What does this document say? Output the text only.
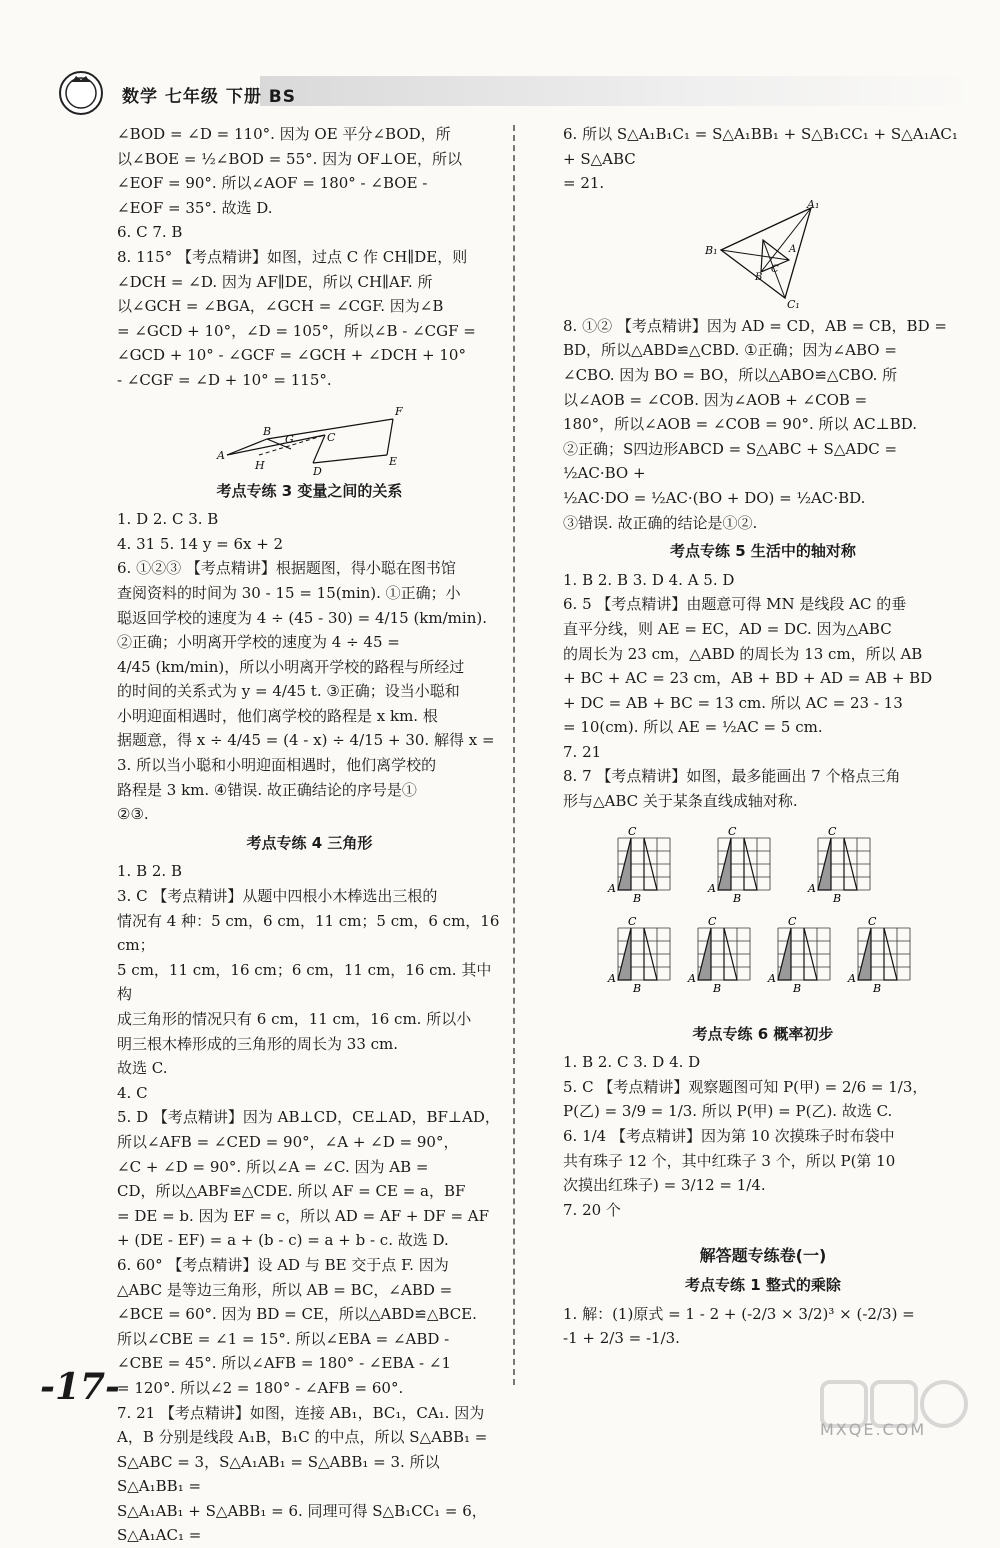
数学 七年级 下册 BS

∠BOD = ∠D = 110°. 因为 OE 平分∠BOD，所

以∠BOE = ½∠BOD = 55°. 因为 OF⊥OE，所以

∠EOF = 90°. 所以∠AOF = 180° - ∠BOE -

∠EOF = 35°. 故选 D.

6. C 7. B

8. 115° 【考点精讲】如图，过点 C 作 CH∥DE，则

∠DCH = ∠D. 因为 AF∥DE，所以 CH∥AF. 所

以∠GCH = ∠BGA，∠GCH = ∠CGF. 因为∠B

= ∠GCD + 10°，∠D = 105°，所以∠B - ∠CGF =

∠GCD + 10° - ∠GCF = ∠GCH + ∠DCH + 10°

- ∠CGF = ∠D + 10° = 115°.

A
B
G
H
C
D
E
F

考点专练 3 变量之间的关系

1. D 2. C 3. B

4. 31 5. 14 y = 6x + 2

6. ①②③ 【考点精讲】根据题图，得小聪在图书馆

查阅资料的时间为 30 - 15 = 15(min). ①正确；小

聪返回学校的速度为 4 ÷ (45 - 30) = 4/15 (km/min).

②正确；小明离开学校的速度为 4 ÷ 45 =

4/45 (km/min)，所以小明离开学校的路程与所经过

的时间的关系式为 y = 4/45 t. ③正确；设当小聪和

小明迎面相遇时，他们离学校的路程是 x km. 根

据题意，得 x ÷ 4/45 = (4 - x) ÷ 4/15 + 30. 解得 x =

3. 所以当小聪和小明迎面相遇时，他们离学校的

路程是 3 km. ④错误. 故正确结论的序号是①

②③.

考点专练 4 三角形

1. B 2. B

3. C 【考点精讲】从题中四根小木棒选出三根的

情况有 4 种：5 cm，6 cm，11 cm；5 cm，6 cm，16 cm；

5 cm，11 cm，16 cm；6 cm，11 cm，16 cm. 其中构

成三角形的情况只有 6 cm，11 cm，16 cm. 所以小

明三根木棒形成的三角形的周长为 33 cm.

故选 C.

4. C

5. D 【考点精讲】因为 AB⊥CD，CE⊥AD，BF⊥AD，

所以∠AFB = ∠CED = 90°，∠A + ∠D = 90°，

∠C + ∠D = 90°. 所以∠A = ∠C. 因为 AB =

CD，所以△ABF≌△CDE. 所以 AF = CE = a，BF

= DE = b. 因为 EF = c，所以 AD = AF + DF = AF

+ (DE - EF) = a + (b - c) = a + b - c. 故选 D.

6. 60° 【考点精讲】设 AD 与 BE 交于点 F. 因为

△ABC 是等边三角形，所以 AB = BC，∠ABD =

∠BCE = 60°. 因为 BD = CE，所以△ABD≌△BCE.

所以∠CBE = ∠1 = 15°. 所以∠EBA = ∠ABD -

∠CBE = 45°. 所以∠AFB = 180° - ∠EBA - ∠1

= 120°. 所以∠2 = 180° - ∠AFB = 60°.

7. 21 【考点精讲】如图，连接 AB₁，BC₁，CA₁. 因为

A，B 分别是线段 A₁B，B₁C 的中点，所以 S△ABB₁ =

S△ABC = 3，S△A₁AB₁ = S△ABB₁ = 3. 所以 S△A₁BB₁ =

S△A₁AB₁ + S△ABB₁ = 6. 同理可得 S△B₁CC₁ = 6，S△A₁AC₁ =

6. 所以 S△A₁B₁C₁ = S△A₁BB₁ + S△B₁CC₁ + S△A₁AC₁ + S△ABC

= 21.

A₁
B₁
C₁
A
B
C

8. ①② 【考点精讲】因为 AD = CD，AB = CB，BD =

BD，所以△ABD≌△CBD. ①正确；因为∠ABO =

∠CBO. 因为 BO = BO，所以△ABO≌△CBO. 所

以∠AOB = ∠COB. 因为∠AOB + ∠COB =

180°，所以∠AOB = ∠COB = 90°. 所以 AC⊥BD.

②正确；S四边形ABCD = S△ABC + S△ADC = ½AC·BO +

½AC·DO = ½AC·(BO + DO) = ½AC·BD.

③错误. 故正确的结论是①②.

考点专练 5 生活中的轴对称

1. B 2. B 3. D 4. A 5. D

6. 5 【考点精讲】由题意可得 MN 是线段 AC 的垂

直平分线，则 AE = EC，AD = DC. 因为△ABC

的周长为 23 cm，△ABD 的周长为 13 cm，所以 AB

+ BC + AC = 23 cm，AB + BD + AD = AB + BD

+ DC = AB + BC = 13 cm. 所以 AC = 23 - 13

= 10(cm). 所以 AE = ½AC = 5 cm.

7. 21

8. 7 【考点精讲】如图，最多能画出 7 个格点三角

形与△ABC 关于某条直线成轴对称.

A
B
C
A
B
C
A
B
C
A
B
C
A
B
C
A
B
C
A
B
C

考点专练 6 概率初步

1. B 2. C 3. D 4. D

5. C 【考点精讲】观察题图可知 P(甲) = 2/6 = 1/3，

P(乙) = 3/9 = 1/3. 所以 P(甲) = P(乙). 故选 C.

6. 1/4 【考点精讲】因为第 10 次摸珠子时布袋中

共有珠子 12 个，其中红珠子 3 个，所以 P(第 10

次摸出红珠子) = 3/12 = 1/4.

7. 20 个

解答题专练卷(一)

考点专练 1 整式的乘除

1. 解：(1)原式 = 1 - 2 + (-2/3 × 3/2)³ × (-2/3) =

-1 + 2/3 = -1/3.

-17-
MXQE.COM
